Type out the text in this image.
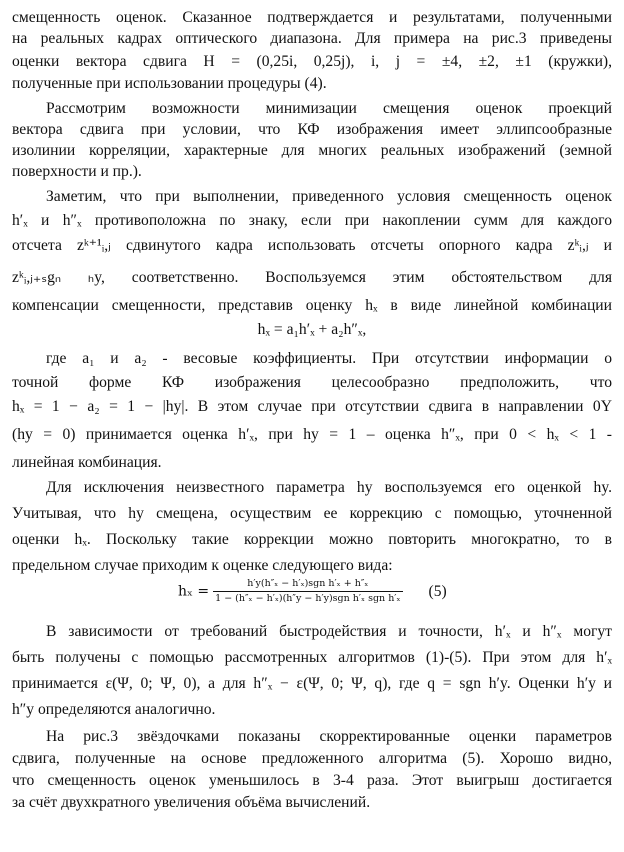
смещенность оценок. Сказанное подтверждается и результатами, полученными
на реальных кадрах оптического диапазона. Для примера на рис.3 приведены
оценки вектора сдвига H = (0,25i, 0,25j), i, j = ±4, ±2, ±1 (кружки),
полученные при использовании процедуры (4).
Рассмотрим возможности минимизации смещения оценок проекций
вектора сдвига при условии, что КФ изображения имеет эллипсообразные
изолинии корреляции, характерные для многих реальных изображений (земной
поверхности и пр.).
Заметим, что при выполнении, приведенного условия смещенность оценок
h′ₓ и h″ₓ противоположна по знаку, если при накоплении сумм для каждого
отсчета zᵏ⁺¹ᵢ,ⱼ сдвинутого кадра использовать отсчеты опорного кадра zᵏᵢ,ⱼ и
zᵏᵢ,ⱼ₊ₛgₙ ₕy, соответственно. Воспользуемся этим обстоятельством для
компенсации смещенности, представив оценку hₓ в виде линейной комбинации
hₓ = a₁h′ₓ + a₂h″ₓ,
где a₁ и a₂ - весовые коэффициенты. При отсутствии информации о
точной форме КФ изображения целесообразно предположить, что
hₓ = 1 − a₂ = 1 − |hy|. В этом случае при отсутствии сдвига в направлении 0Y
(hy = 0) принимается оценка h′ₓ, при hy = 1 – оценка h″ₓ, при 0 < hₓ < 1 -
линейная комбинация.
Для исключения неизвестного параметра hy воспользуемся его оценкой hy.
Учитывая, что hy смещена, осуществим ее коррекцию с помощью, уточненной
оценки hₓ. Поскольку такие коррекции можно повторить многократно, то в
предельном случае приходим к оценке следующего вида:
$h_x = \frac{\text{h′y(h″ₓ − h′ₓ)sgn h′ₓ + h″ₓ}}{\text{1 − (h″ₓ − h′ₓ)(h″y − h′y)sgn h′ₓ sgn h′ₓ}} (5)$
В зависимости от требований быстродействия и точности, h′ₓ и h″ₓ могут
быть получены с помощью рассмотренных алгоритмов (1)-(5). При этом для h′ₓ
принимается ε(Ψ, 0; Ψ, 0), а для h″ₓ − ε(Ψ, 0; Ψ, q), где q = sgn h′y. Оценки h′y и
h″y определяются аналогично.
На рис.3 звёздочками показаны скорректированные оценки параметров
сдвига, полученные на основе предложенного алгоритма (5). Хорошо видно,
что смещенность оценок уменьшилось в 3-4 раза. Этот выигрыш достигается
за счёт двухкратного увеличения объёма вычислений.
